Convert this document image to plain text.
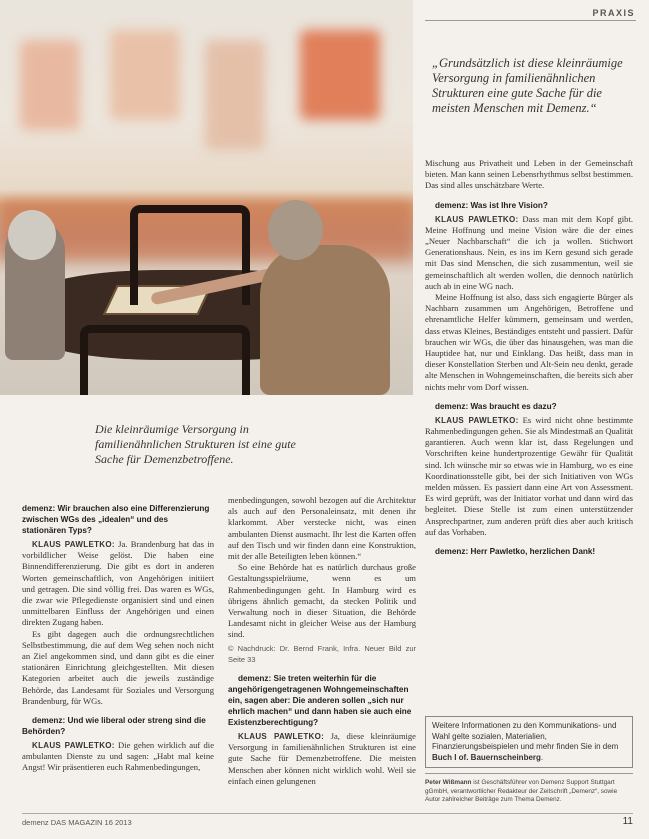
PRAXIS
Die kleinräumige Versorgung in familienähnlichen Strukturen ist eine gute Sache für Demenzbetroffene.
„Grundsätzlich ist diese kleinräumige Versorgung in familienähnlichen Strukturen eine gute Sache für die meisten Menschen mit Demenz.“

demenz: Wir brauchen also eine Differenzierung zwischen WGs des „idealen“ und des stationären Typs?

KLAUS PAWLETKO: Ja. Brandenburg hat das in vorbildlicher Weise gelöst. Die haben eine Binnendifferenzierung. Die gibt es dort in anderen Worten gemeinschaftlich, von Angehörigen initiiert und getragen. Die sind völlig frei. Das waren es WGs, die zwar wie Pflegedienste organisiert sind und einen unmittelbaren Einfluss der Angehörigen und einen direkten Zugang haben.

Es gibt dagegen auch die ordnungsrechtlichen Selbstbestimmung, die auf dem Weg sehen noch nicht an Ziel angekommen sind, und dann gibt es die einer stationären Einrichtung gleichgestellten. Mit diesen Kategorien arbeitet auch die jeweils zuständige Behörde, das Landesamt für Soziales und Versorgung Brandenburg, für WGs.

demenz: Und wie liberal oder streng sind die Behörden?

KLAUS PAWLETKO: Die gehen wirklich auf die ambulanten Dienste zu und sagen: „Habt mal keine Angst! Wir präsentieren euch Rahmenbedingungen,

menbedingungen, sowohl bezogen auf die Architektur als auch auf den Personaleinsatz, mit denen ihr klarkommt. Aber verstecke nicht, was einen ambulanten Dienst ausmacht. Ihr lest die Karten offen auf den Tisch und wir finden dann eine Konstruktion, mit der alle Beteiligten leben können.“

So eine Behörde hat es natürlich durchaus große Gestaltungsspielräume, wenn es um Rahmenbedingungen geht. In Hamburg wird es übrigens ähnlich gemacht, da stecken Politik und Verwaltung noch in dieser Situation, die Behörde Landesamt nicht in gleicher Weise aus der Hamburg sind.

© Nachdruck: Dr. Bernd Frank, Infra. Neuer Bild zur Seite 33

demenz: Sie treten weiterhin für die angehörigengetragenen Wohngemeinschaften ein, sagen aber: Die anderen sollen „sich nur ehrlich machen“ und dann haben sie auch eine Existenzberechtigung?

KLAUS PAWLETKO: Ja, diese kleinräumige Versorgung in familienähnlichen Strukturen ist eine gute Sache für Demenzbetroffene. Die meisten Menschen aber können nicht wirklich wohl. Weil sie einfach einen gelungenen

Mischung aus Privatheit und Leben in der Gemeinschaft bieten. Man kann seinen Lebensrhythmus selbst bestimmen. Das sind alles unschätzbare Werte.

demenz: Was ist Ihre Vision?

KLAUS PAWLETKO: Dass man mit dem Kopf gibt. Meine Hoffnung und meine Vision wäre die der eines „Neuer Nachbarschaft“ die ich ja wollen. Stichwort Generationshaus. Nein, es ins im Kern gesund sich gerade mit Das sind Menschen, die sich zusammentun, weil sie gemeinschaftlich alt werden wollen, die dennoch natürlich auch ab in eine WG nach.

Meine Hoffnung ist also, dass sich engagierte Bürger als Nachbarn zusammen um Angehörigen, Betroffene und ehrenamtliche Helfer kümmern, gemeinsam und werden, dass etwas Kleines, Beständiges entsteht und passiert. Dafür brauchen wir WGs, die über das hinausgehen, was man die Hauptidee hat, nur und Einklang. Das heißt, dass man in dieser Konstellation Sterben und Alt-Sein neu denkt, gerade alte Menschen in Wohngemeinschaften, die bereits sich aber nichts mehr vom Dorf wissen.

demenz: Was braucht es dazu?

KLAUS PAWLETKO: Es wird nicht ohne bestimmte Rahmenbedingungen gehen. Sie als Mindestmaß an Qualität garantieren. Auch wenn klar ist, dass Regelungen und Vorschriften keine hundertprozentige Gewähr für Qualität sind. Ich wünsche mir so etwas wie in Hamburg, wo es eine Koordinationsstelle gibt, bei der sich Initiativen von WGs melden müssen. Es passiert dann eine Art von Assessment. Es wird geprüft, was der Initiator vorhat und dann wird das begleitet. Diese Stelle ist zum einen unterstützender Ansprechpartner, zum anderen prüft dies aber auch kritisch auf das Vorhaben.

demenz: Herr Pawletko, herzlichen Dank!

Weitere Informationen zu den Kommunikations- und Wahl gelte sozialen, Materialien, Finanzierungsbeispielen und mehr finden Sie in dem Buch I of. Bauernscheinberg.
Peter Wißmann ist Geschäftsführer von Demenz Support Stuttgart gGmbH, verantwortlicher Redakteur der Zeitschrift „Demenz“, sowie Autor zahlreicher Beiträge zum Thema Demenz.
demenz DAS MAGAZIN 16 2013	11
